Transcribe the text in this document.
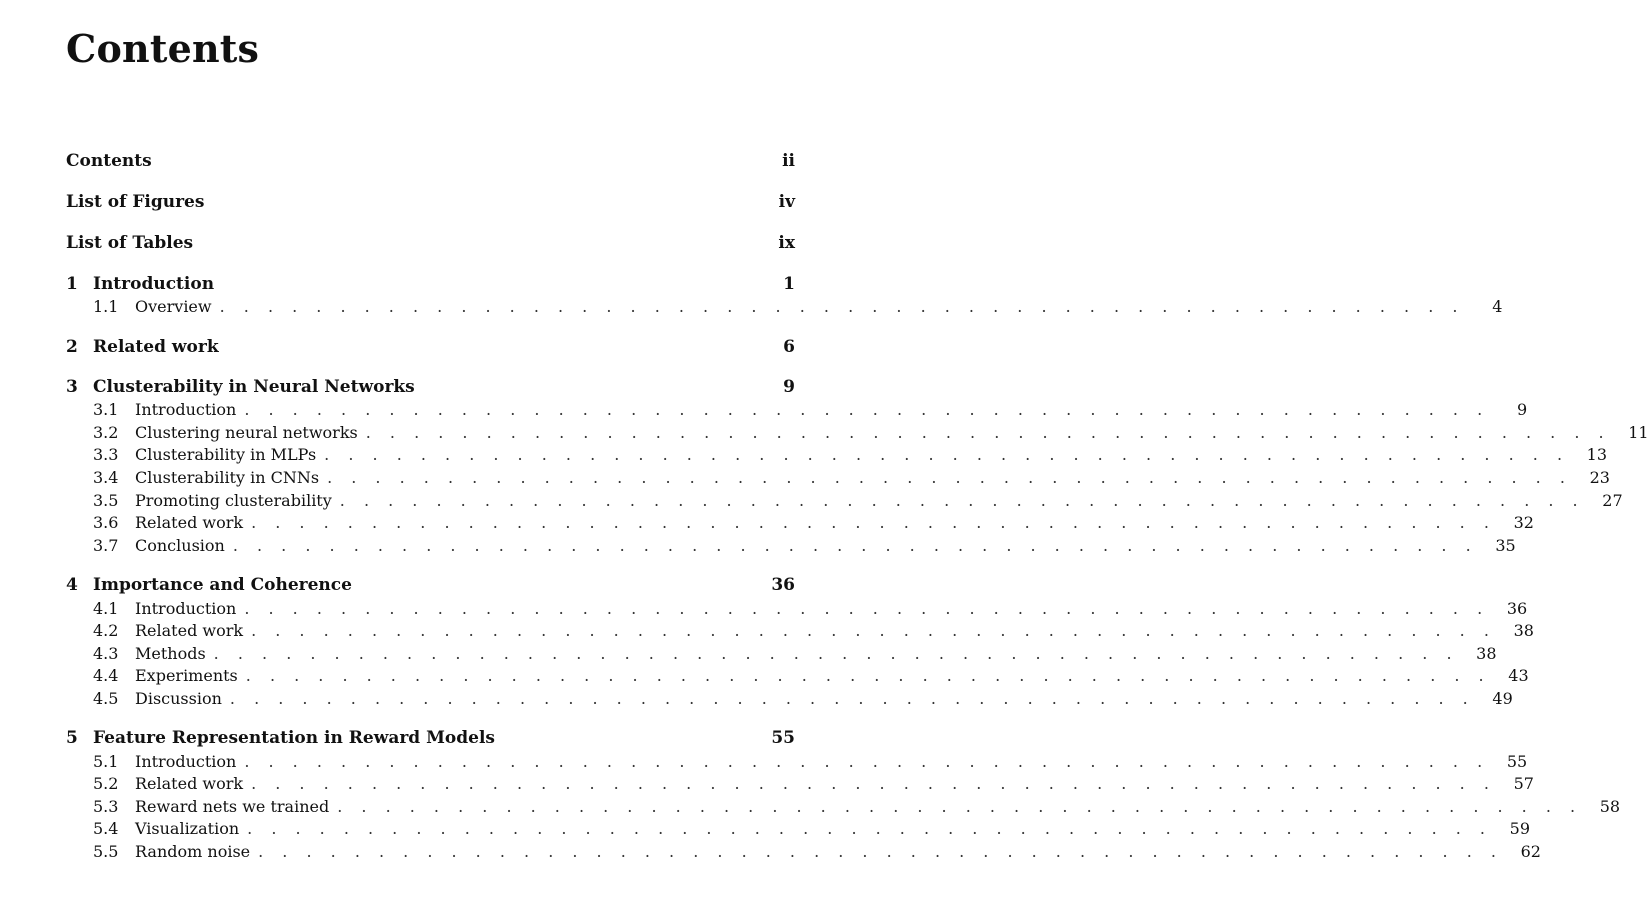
Contents
Contents	ii
List of Figures	iv
List of Tables	ix
1 Introduction	1
1.1	Overview . . . . . . . . . . . . . . . . . . . . . . . . . . . . . . . . . . . . . . . . . . . . . . . . . . . .	4
2 Related work	6
3 Clusterability in Neural Networks	9
3.1	Introduction . . . . . . . . . . . . . . . . . . . . . . . . . . . . . . . . . . . . . . . . . . . . . . . . . . . .	9
3.2	Clustering neural networks . . . . . . . . . . . . . . . . . . . . . . . . . . . . . . . . . . . . . . . . . . . . . . . . . . . .	11
3.3	Clusterability in MLPs . . . . . . . . . . . . . . . . . . . . . . . . . . . . . . . . . . . . . . . . . . . . . . . . . . . .	13
3.4	Clusterability in CNNs . . . . . . . . . . . . . . . . . . . . . . . . . . . . . . . . . . . . . . . . . . . . . . . . . . . .	23
3.5	Promoting clusterability . . . . . . . . . . . . . . . . . . . . . . . . . . . . . . . . . . . . . . . . . . . . . . . . . . . .	27
3.6	Related work . . . . . . . . . . . . . . . . . . . . . . . . . . . . . . . . . . . . . . . . . . . . . . . . . . . .	32
3.7	Conclusion . . . . . . . . . . . . . . . . . . . . . . . . . . . . . . . . . . . . . . . . . . . . . . . . . . . .	35
4 Importance and Coherence	36
4.1	Introduction . . . . . . . . . . . . . . . . . . . . . . . . . . . . . . . . . . . . . . . . . . . . . . . . . . . .	36
4.2	Related work . . . . . . . . . . . . . . . . . . . . . . . . . . . . . . . . . . . . . . . . . . . . . . . . . . . .	38
4.3	Methods . . . . . . . . . . . . . . . . . . . . . . . . . . . . . . . . . . . . . . . . . . . . . . . . . . . .	38
4.4	Experiments . . . . . . . . . . . . . . . . . . . . . . . . . . . . . . . . . . . . . . . . . . . . . . . . . . . .	43
4.5	Discussion . . . . . . . . . . . . . . . . . . . . . . . . . . . . . . . . . . . . . . . . . . . . . . . . . . . .	49
5 Feature Representation in Reward Models	55
5.1	Introduction . . . . . . . . . . . . . . . . . . . . . . . . . . . . . . . . . . . . . . . . . . . . . . . . . . . .	55
5.2	Related work . . . . . . . . . . . . . . . . . . . . . . . . . . . . . . . . . . . . . . . . . . . . . . . . . . . .	57
5.3	Reward nets we trained . . . . . . . . . . . . . . . . . . . . . . . . . . . . . . . . . . . . . . . . . . . . . . . . . . . .	58
5.4	Visualization . . . . . . . . . . . . . . . . . . . . . . . . . . . . . . . . . . . . . . . . . . . . . . . . . . . .	59
5.5	Random noise . . . . . . . . . . . . . . . . . . . . . . . . . . . . . . . . . . . . . . . . . . . . . . . . . . . .	62
